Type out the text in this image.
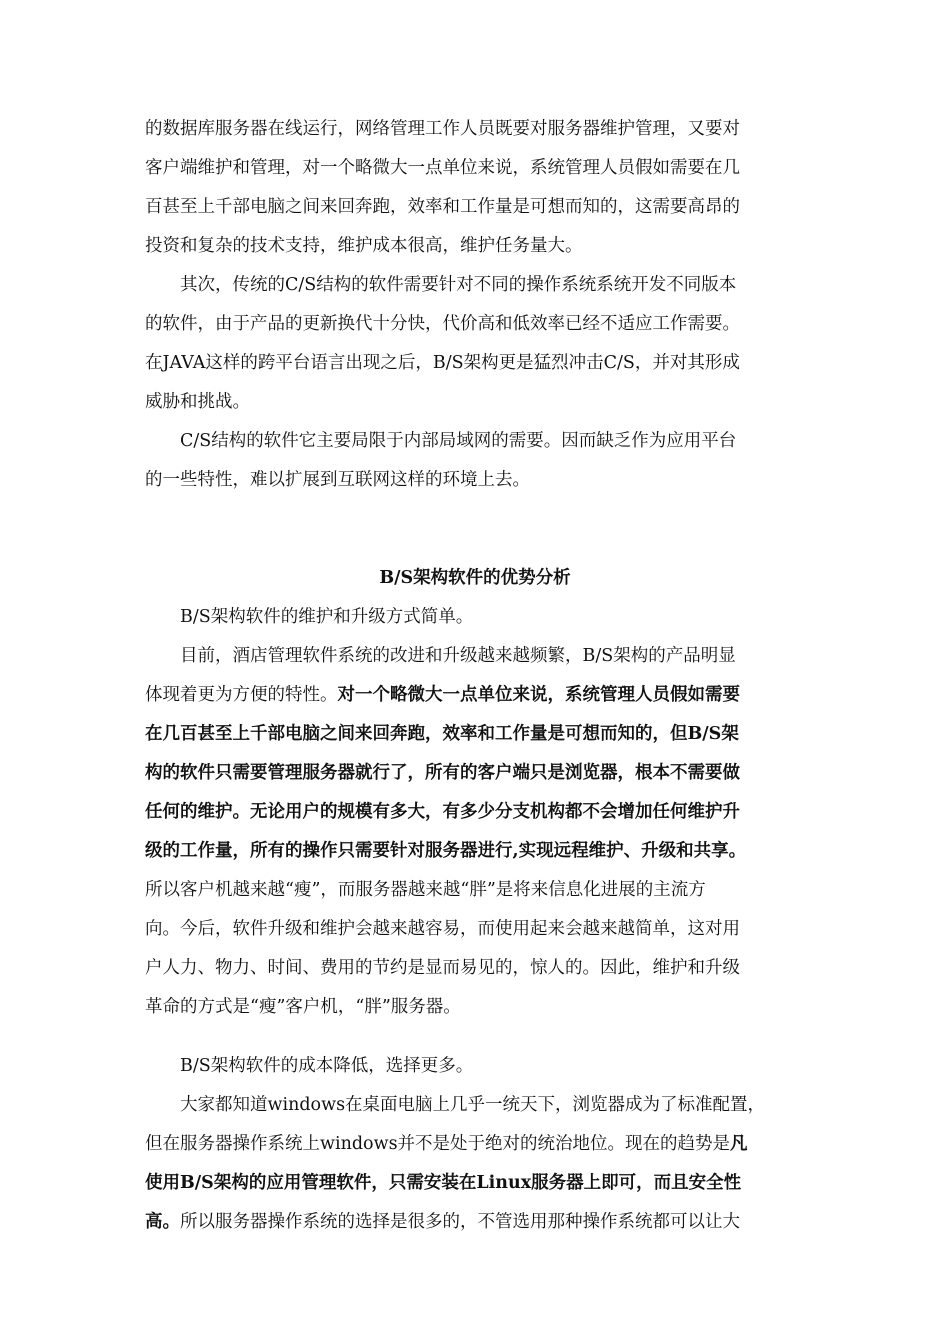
的数据库服务器在线运行，网络管理工作人员既要对服务器维护管理，又要对
客户端维护和管理，对一个略微大一点单位来说，系统管理人员假如需要在几
百甚至上千部电脑之间来回奔跑，效率和工作量是可想而知的，这需要高昂的
投资和复杂的技术支持，维护成本很高，维护任务量大。
其次，传统的C/S结构的软件需要针对不同的操作系统系统开发不同版本
的软件，由于产品的更新换代十分快，代价高和低效率已经不适应工作需要。
在JAVA这样的跨平台语言出现之后，B/S架构更是猛烈冲击C/S，并对其形成
威胁和挑战。
C/S结构的软件它主要局限于内部局域网的需要。因而缺乏作为应用平台
的一些特性，难以扩展到互联网这样的环境上去。
B/S架构软件的优势分析
B/S架构软件的维护和升级方式简单。
目前，酒店管理软件系统的改进和升级越来越频繁，B/S架构的产品明显
体现着更为方便的特性。对一个略微大一点单位来说，系统管理人员假如需要
在几百甚至上千部电脑之间来回奔跑，效率和工作量是可想而知的，但B/S架
构的软件只需要管理服务器就行了，所有的客户端只是浏览器，根本不需要做
任何的维护。无论用户的规模有多大，有多少分支机构都不会增加任何维护升
级的工作量，所有的操作只需要针对服务器进行,实现远程维护、升级和共享。
所以客户机越来越“瘦”，而服务器越来越“胖”是将来信息化进展的主流方
向。今后，软件升级和维护会越来越容易，而使用起来会越来越简单，这对用
户人力、物力、时间、费用的节约是显而易见的，惊人的。因此，维护和升级
革命的方式是“瘦”客户机，“胖”服务器。
B/S架构软件的成本降低，选择更多。
大家都知道windows在桌面电脑上几乎一统天下，浏览器成为了标准配置，
但在服务器操作系统上windows并不是处于绝对的统治地位。现在的趋势是凡
使用B/S架构的应用管理软件，只需安装在Linux服务器上即可，而且安全性
高。所以服务器操作系统的选择是很多的，不管选用那种操作系统都可以让大
